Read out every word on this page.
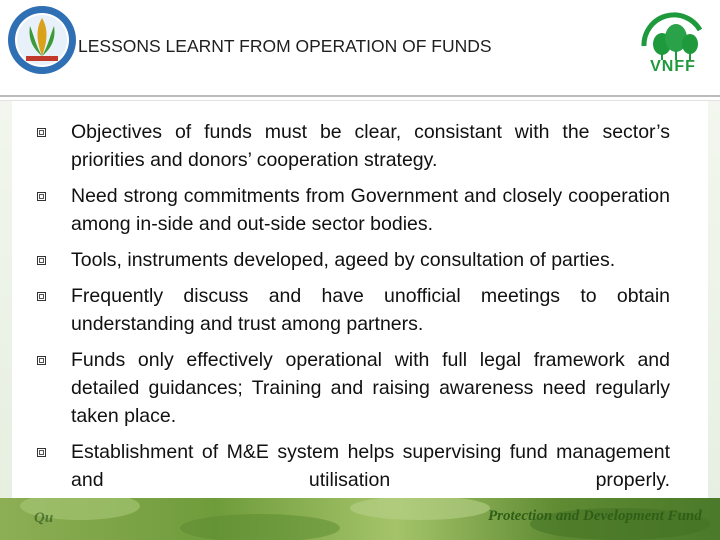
LESSONS LEARNT FROM OPERATION OF FUNDS
VNFF
Objectives of funds must be clear, consistant with the sector’s priorities and donors’ cooperation strategy.
Need strong commitments from Government and closely cooperation among in-side and out-side sector bodies.
Tools, instruments developed, ageed by consultation of parties.
Frequently discuss and have unofficial meetings to obtain understanding and trust among partners.
Funds only effectively operational with full legal framework and detailed guidances; Training and raising awareness need regularly taken place.
Establishment of M&E system helps supervising fund management and utilisation properly.
Qu	Protection and Development Fund
